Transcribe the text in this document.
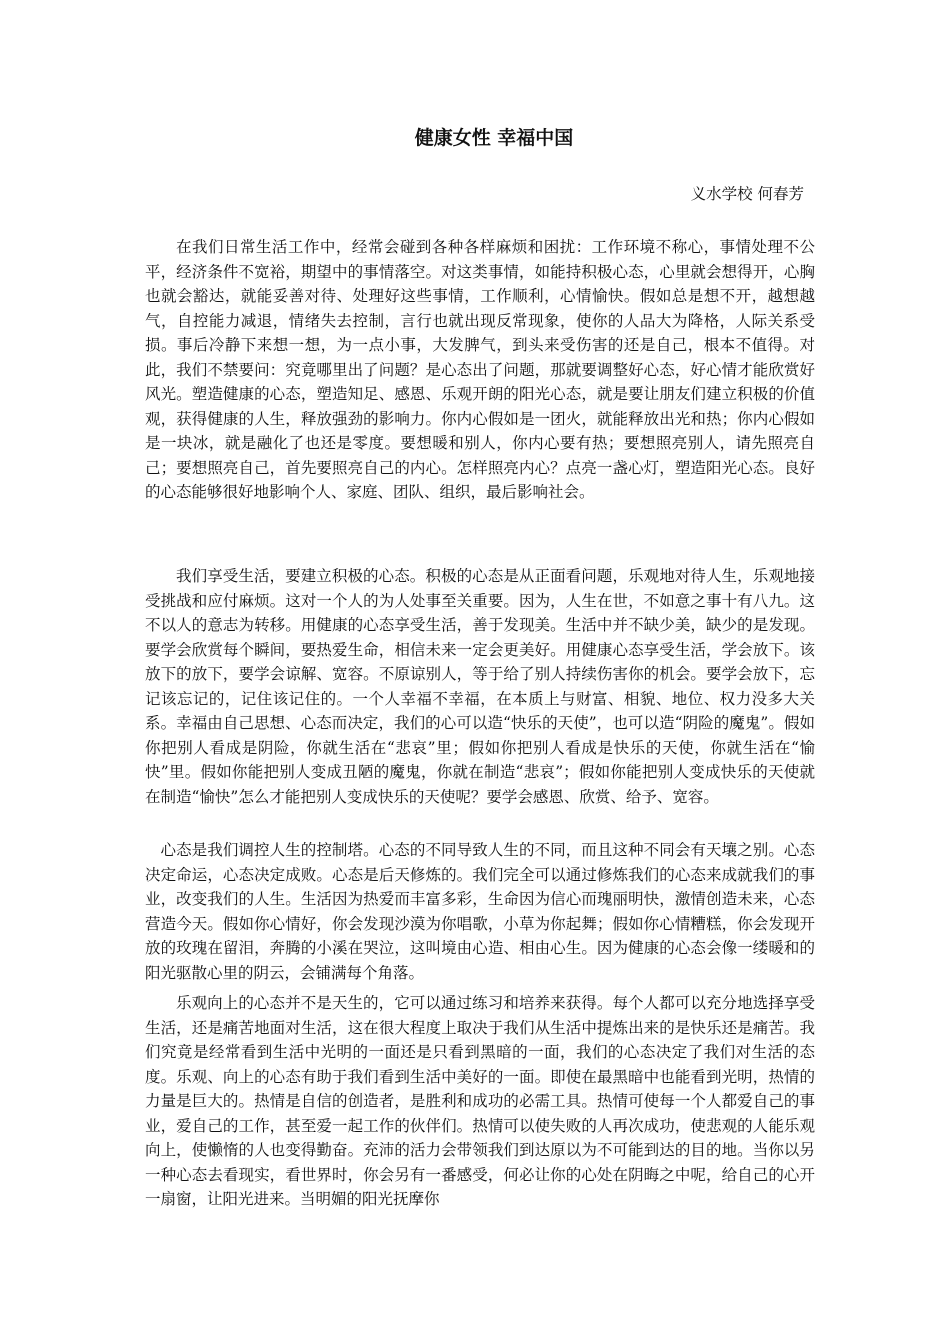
健康女性 幸福中国

义水学校 何春芳

在我们日常生活工作中，经常会碰到各种各样麻烦和困扰：工作环境不称心，事情处理不公平，经济条件不宽裕，期望中的事情落空。对这类事情，如能持积极心态，心里就会想得开，心胸也就会豁达，就能妥善对待、处理好这些事情，工作顺利，心情愉快。假如总是想不开，越想越气，自控能力减退，情绪失去控制，言行也就出现反常现象，使你的人品大为降格，人际关系受损。事后冷静下来想一想，为一点小事，大发脾气，到头来受伤害的还是自己，根本不值得。对此，我们不禁要问：究竟哪里出了问题？是心态出了问题，那就要调整好心态，好心情才能欣赏好风光。塑造健康的心态，塑造知足、感恩、乐观开朗的阳光心态，就是要让朋友们建立积极的价值观，获得健康的人生，释放强劲的影响力。你内心假如是一团火，就能释放出光和热；你内心假如是一块冰，就是融化了也还是零度。要想暖和别人，你内心要有热；要想照亮别人，请先照亮自己；要想照亮自己，首先要照亮自己的内心。怎样照亮内心？点亮一盏心灯，塑造阳光心态。良好的心态能够很好地影响个人、家庭、团队、组织，最后影响社会。

我们享受生活，要建立积极的心态。积极的心态是从正面看问题，乐观地对待人生，乐观地接受挑战和应付麻烦。这对一个人的为人处事至关重要。因为，人生在世，不如意之事十有八九。这不以人的意志为转移。用健康的心态享受生活，善于发现美。生活中并不缺少美，缺少的是发现。要学会欣赏每个瞬间，要热爱生命，相信未来一定会更美好。用健康心态享受生活，学会放下。该放下的放下，要学会谅解、宽容。不原谅别人，等于给了别人持续伤害你的机会。要学会放下，忘记该忘记的，记住该记住的。一个人幸福不幸福，在本质上与财富、相貌、地位、权力没多大关系。幸福由自己思想、心态而决定，我们的心可以造“快乐的天使”，也可以造“阴险的魔鬼”。假如你把别人看成是阴险，你就生活在“悲哀”里；假如你把别人看成是快乐的天使，你就生活在“愉快”里。假如你能把别人变成丑陋的魔鬼，你就在制造“悲哀”；假如你能把别人变成快乐的天使就在制造“愉快”怎么才能把别人变成快乐的天使呢？要学会感恩、欣赏、给予、宽容。

心态是我们调控人生的控制塔。心态的不同导致人生的不同，而且这种不同会有天壤之别。心态决定命运，心态决定成败。心态是后天修炼的。我们完全可以通过修炼我们的心态来成就我们的事业，改变我们的人生。生活因为热爱而丰富多彩，生命因为信心而瑰丽明快，激情创造未来，心态营造今天。假如你心情好，你会发现沙漠为你唱歌，小草为你起舞；假如你心情糟糕，你会发现开放的玫瑰在留泪，奔腾的小溪在哭泣，这叫境由心造、相由心生。因为健康的心态会像一缕暖和的阳光驱散心里的阴云，会铺满每个角落。

乐观向上的心态并不是天生的，它可以通过练习和培养来获得。每个人都可以充分地选择享受生活，还是痛苦地面对生活，这在很大程度上取决于我们从生活中提炼出来的是快乐还是痛苦。我们究竟是经常看到生活中光明的一面还是只看到黑暗的一面，我们的心态决定了我们对生活的态度。乐观、向上的心态有助于我们看到生活中美好的一面。即使在最黑暗中也能看到光明，热情的力量是巨大的。热情是自信的创造者，是胜利和成功的必需工具。热情可使每一个人都爱自己的事业，爱自己的工作，甚至爱一起工作的伙伴们。热情可以使失败的人再次成功，使悲观的人能乐观向上，使懒惰的人也变得勤奋。充沛的活力会带领我们到达原以为不可能到达的目的地。当你以另一种心态去看现实，看世界时，你会另有一番感受，何必让你的心处在阴晦之中呢，给自己的心开一扇窗，让阳光进来。当明媚的阳光抚摩你
